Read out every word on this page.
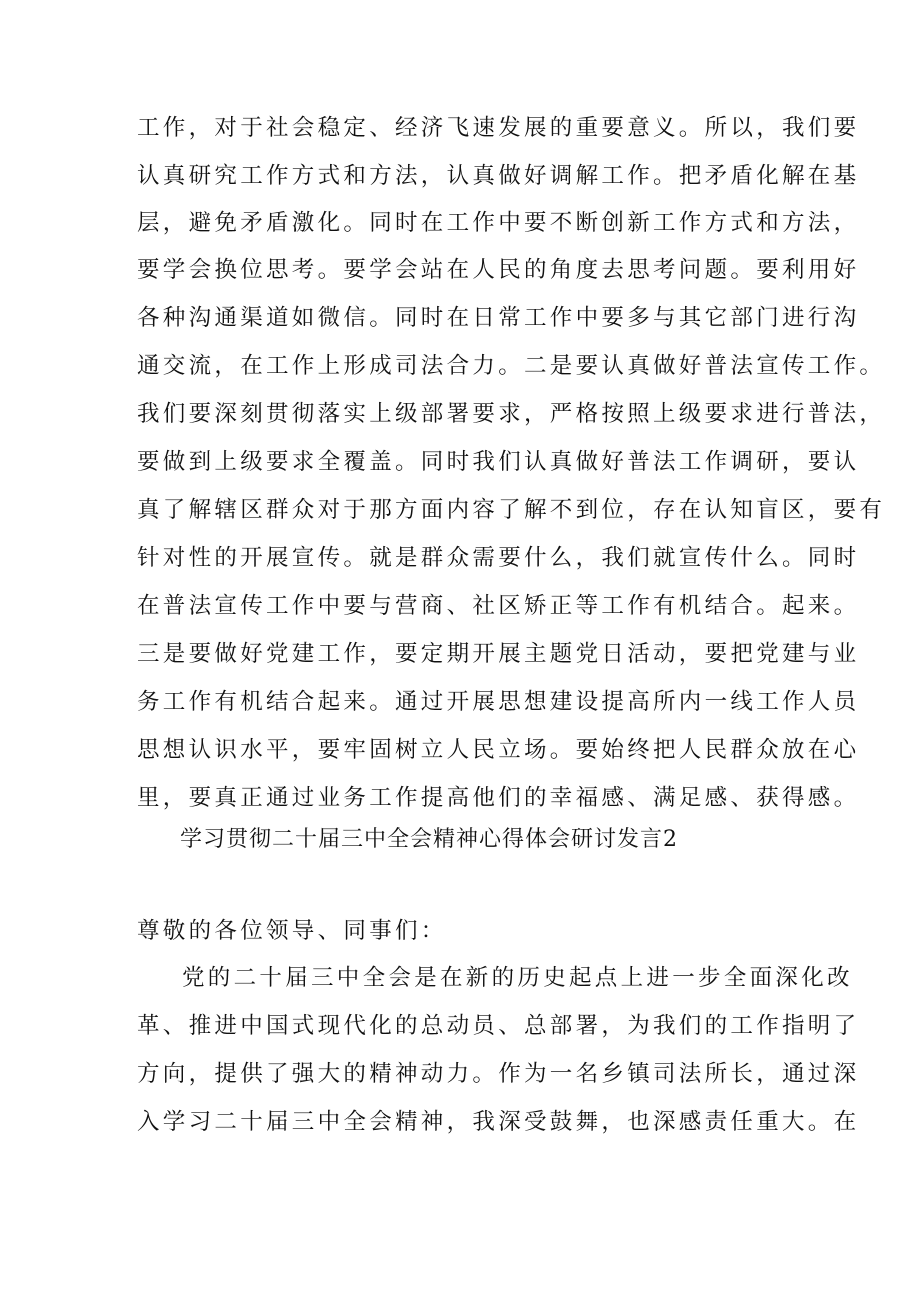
工作，对于社会稳定、经济飞速发展的重要意义。所以，我们要
认真研究工作方式和方法，认真做好调解工作。把矛盾化解在基
层，避免矛盾激化。同时在工作中要不断创新工作方式和方法，
要学会换位思考。要学会站在人民的角度去思考问题。要利用好
各种沟通渠道如微信。同时在日常工作中要多与其它部门进行沟
通交流，在工作上形成司法合力。二是要认真做好普法宣传工作。
我们要深刻贯彻落实上级部署要求，严格按照上级要求进行普法，
要做到上级要求全覆盖。同时我们认真做好普法工作调研，要认
真了解辖区群众对于那方面内容了解不到位，存在认知盲区，要有
针对性的开展宣传。就是群众需要什么，我们就宣传什么。同时
在普法宣传工作中要与营商、社区矫正等工作有机结合。起来。
三是要做好党建工作，要定期开展主题党日活动，要把党建与业
务工作有机结合起来。通过开展思想建设提高所内一线工作人员
思想认识水平，要牢固树立人民立场。要始终把人民群众放在心
里，要真正通过业务工作提高他们的幸福感、满足感、获得感。
学习贯彻二十届三中全会精神心得体会研讨发言2
尊敬的各位领导、同事们：
党的二十届三中全会是在新的历史起点上进一步全面深化改
革、推进中国式现代化的总动员、总部署，为我们的工作指明了
方向，提供了强大的精神动力。作为一名乡镇司法所长，通过深
入学习二十届三中全会精神，我深受鼓舞，也深感责任重大。在
